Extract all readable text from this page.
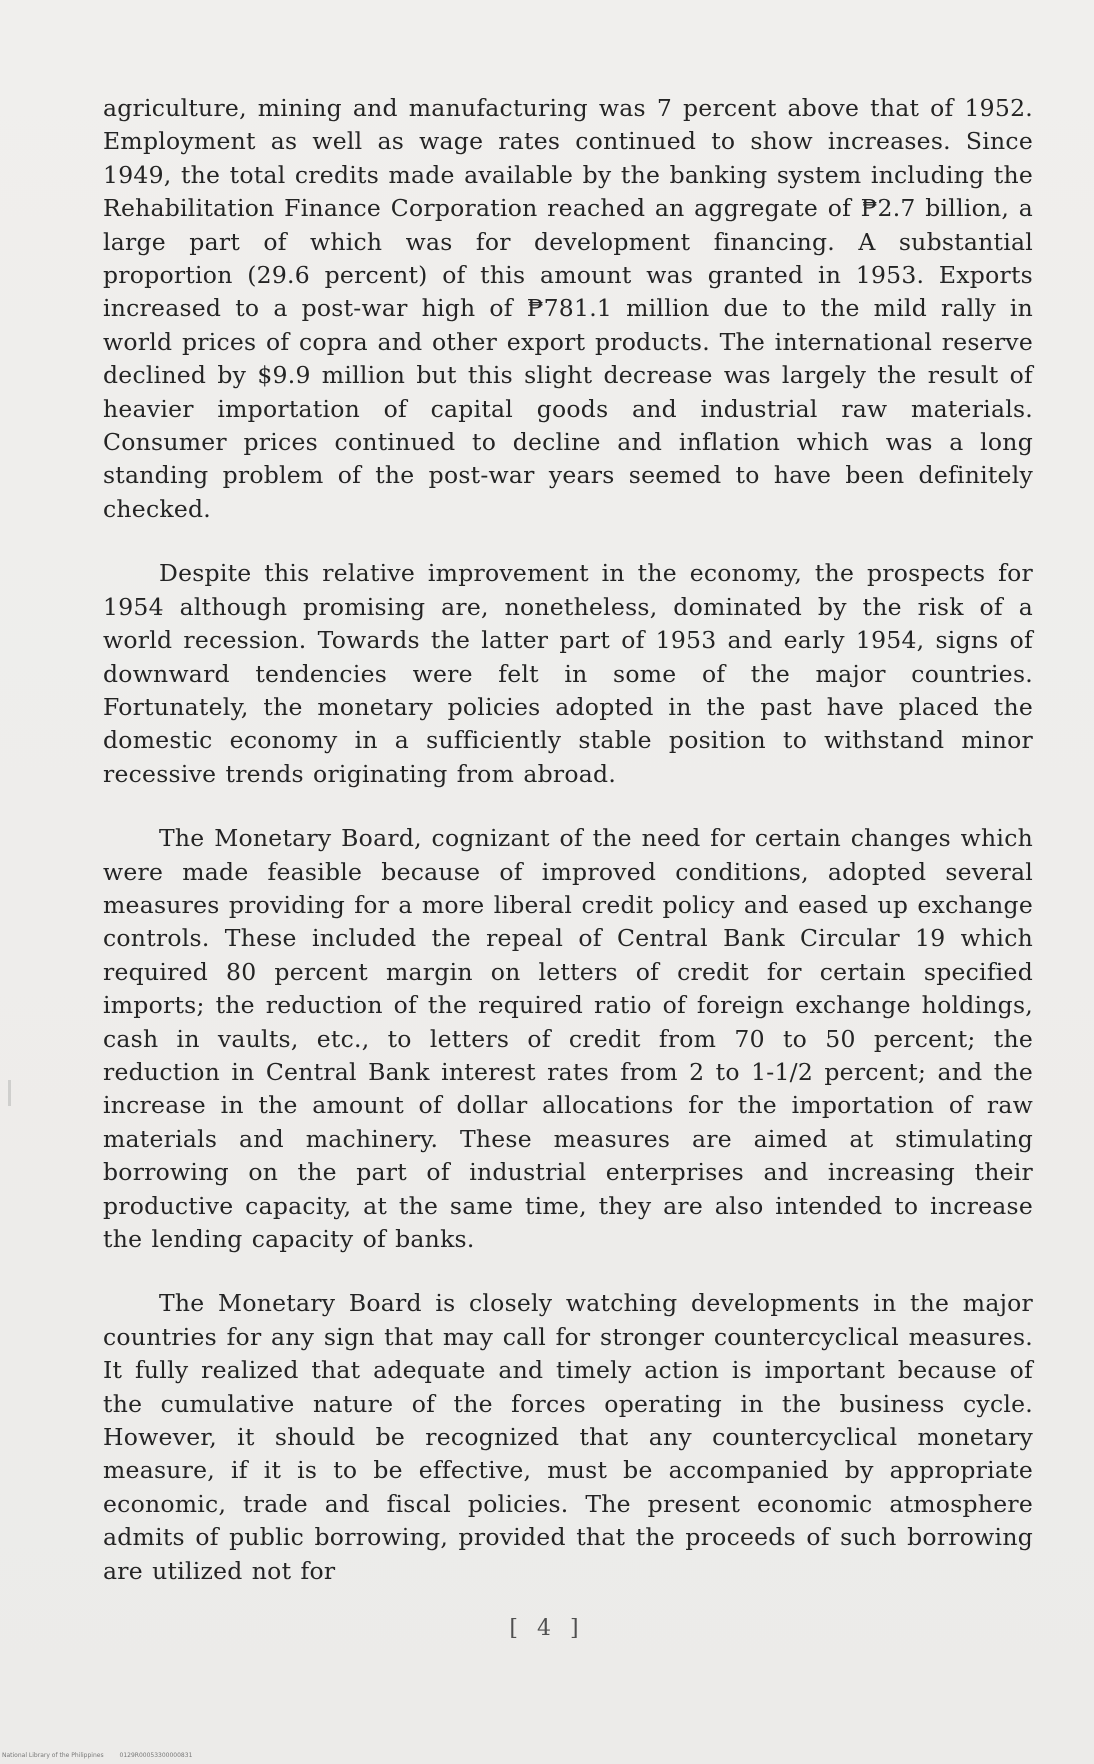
agriculture, mining and manufacturing was 7 percent above that of 1952. Employment as well as wage rates continued to show increases. Since 1949, the total credits made available by the banking system including the Rehabilitation Finance Corporation reached an aggregate of ₱2.7 billion, a large part of which was for development financing. A substantial proportion (29.6 percent) of this amount was granted in 1953. Exports increased to a post-war high of ₱781.1 million due to the mild rally in world prices of copra and other export products. The international reserve declined by $9.9 million but this slight decrease was largely the result of heavier importation of capital goods and industrial raw materials. Consumer prices continued to decline and inflation which was a long standing problem of the post-war years seemed to have been definitely checked.

Despite this relative improvement in the economy, the prospects for 1954 although promising are, nonetheless, dominated by the risk of a world recession. Towards the latter part of 1953 and early 1954, signs of downward tendencies were felt in some of the major countries. Fortunately, the monetary policies adopted in the past have placed the domestic economy in a sufficiently stable position to withstand minor recessive trends originating from abroad.

The Monetary Board, cognizant of the need for certain changes which were made feasible because of improved conditions, adopted several measures providing for a more liberal credit policy and eased up exchange controls. These included the repeal of Central Bank Circular 19 which required 80 percent margin on letters of credit for certain specified imports; the reduction of the required ratio of foreign exchange holdings, cash in vaults, etc., to letters of credit from 70 to 50 percent; the reduction in Central Bank interest rates from 2 to 1-1/2 percent; and the increase in the amount of dollar allocations for the importation of raw materials and machinery. These measures are aimed at stimulating borrowing on the part of industrial enterprises and increasing their productive capacity, at the same time, they are also intended to increase the lending capacity of banks.

The Monetary Board is closely watching developments in the major countries for any sign that may call for stronger countercyclical measures. It fully realized that adequate and timely action is important because of the cumulative nature of the forces operating in the business cycle. However, it should be recognized that any countercyclical monetary measure, if it is to be effective, must be accompanied by appropriate economic, trade and fiscal policies. The present economic atmosphere admits of public borrowing, provided that the proceeds of such borrowing are utilized not for

[ 4 ]
National Library of the Philippines	0129R00053300000831
